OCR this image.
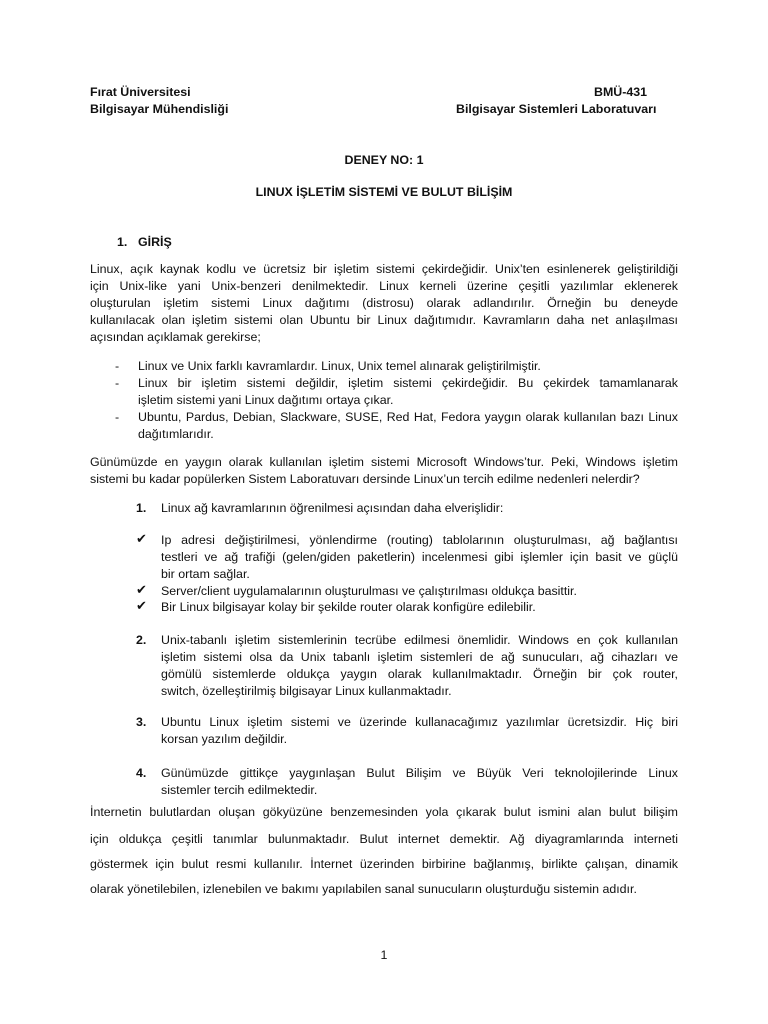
Fırat Üniversitesi
Bilgisayar Mühendisliği
BMÜ-431
Bilgisayar Sistemleri Laboratuvarı
DENEY NO: 1
LINUX İŞLETİM SİSTEMİ VE BULUT BİLİŞİM
1. GİRİŞ
Linux, açık kaynak kodlu ve ücretsiz bir işletim sistemi çekirdeğidir. Unix’ten esinlenerek geliştirildiği
için Unix-like yani Unix-benzeri denilmektedir. Linux kerneli üzerine çeşitli yazılımlar eklenerek
oluşturulan işletim sistemi Linux dağıtımı (distrosu) olarak adlandırılır. Örneğin bu deneyde
kullanılacak olan işletim sistemi olan Ubuntu bir Linux dağıtımıdır. Kavramların daha net anlaşılması
açısından açıklamak gerekirse;
- Linux ve Unix farklı kavramlardır. Linux, Unix temel alınarak geliştirilmiştir.
- Linux bir işletim sistemi değildir, işletim sistemi çekirdeğidir. Bu çekirdek tamamlanarak
işletim sistemi yani Linux dağıtımı ortaya çıkar.
- Ubuntu, Pardus, Debian, Slackware, SUSE, Red Hat, Fedora yaygın olarak kullanılan bazı Linux
dağıtımlarıdır.
Günümüzde en yaygın olarak kullanılan işletim sistemi Microsoft Windows’tur. Peki, Windows işletim
sistemi bu kadar popülerken Sistem Laboratuvarı dersinde Linux’un tercih edilme nedenleri nelerdir?
1. Linux ağ kavramlarının öğrenilmesi açısından daha elverişlidir:
✔ Ip adresi değiştirilmesi, yönlendirme (routing) tablolarının oluşturulması, ağ bağlantısı
testleri ve ağ trafiği (gelen/giden paketlerin) incelenmesi gibi işlemler için basit ve güçlü
bir ortam sağlar.
✔ Server/client uygulamalarının oluşturulması ve çalıştırılması oldukça basittir.
✔ Bir Linux bilgisayar kolay bir şekilde router olarak konfigüre edilebilir.
2. Unix-tabanlı işletim sistemlerinin tecrübe edilmesi önemlidir. Windows en çok kullanılan
işletim sistemi olsa da Unix tabanlı işletim sistemleri de ağ sunucuları, ağ cihazları ve
gömülü sistemlerde oldukça yaygın olarak kullanılmaktadır. Örneğin bir çok router,
switch, özelleştirilmiş bilgisayar Linux kullanmaktadır.
3. Ubuntu Linux işletim sistemi ve üzerinde kullanacağımız yazılımlar ücretsizdir. Hiç biri
korsan yazılım değildir.
4. Günümüzde gittikçe yaygınlaşan Bulut Bilişim ve Büyük Veri teknolojilerinde Linux
sistemler tercih edilmektedir.
İnternetin bulutlardan oluşan gökyüzüne benzemesinden yola çıkarak bulut ismini alan bulut bilişim
için oldukça çeşitli tanımlar bulunmaktadır. Bulut internet demektir. Ağ diyagramlarında interneti
göstermek için bulut resmi kullanılır. İnternet üzerinden birbirine bağlanmış, birlikte çalışan, dinamik
olarak yönetilebilen, izlenebilen ve bakımı yapılabilen sanal sunucuların oluşturduğu sistemin adıdır.
1
